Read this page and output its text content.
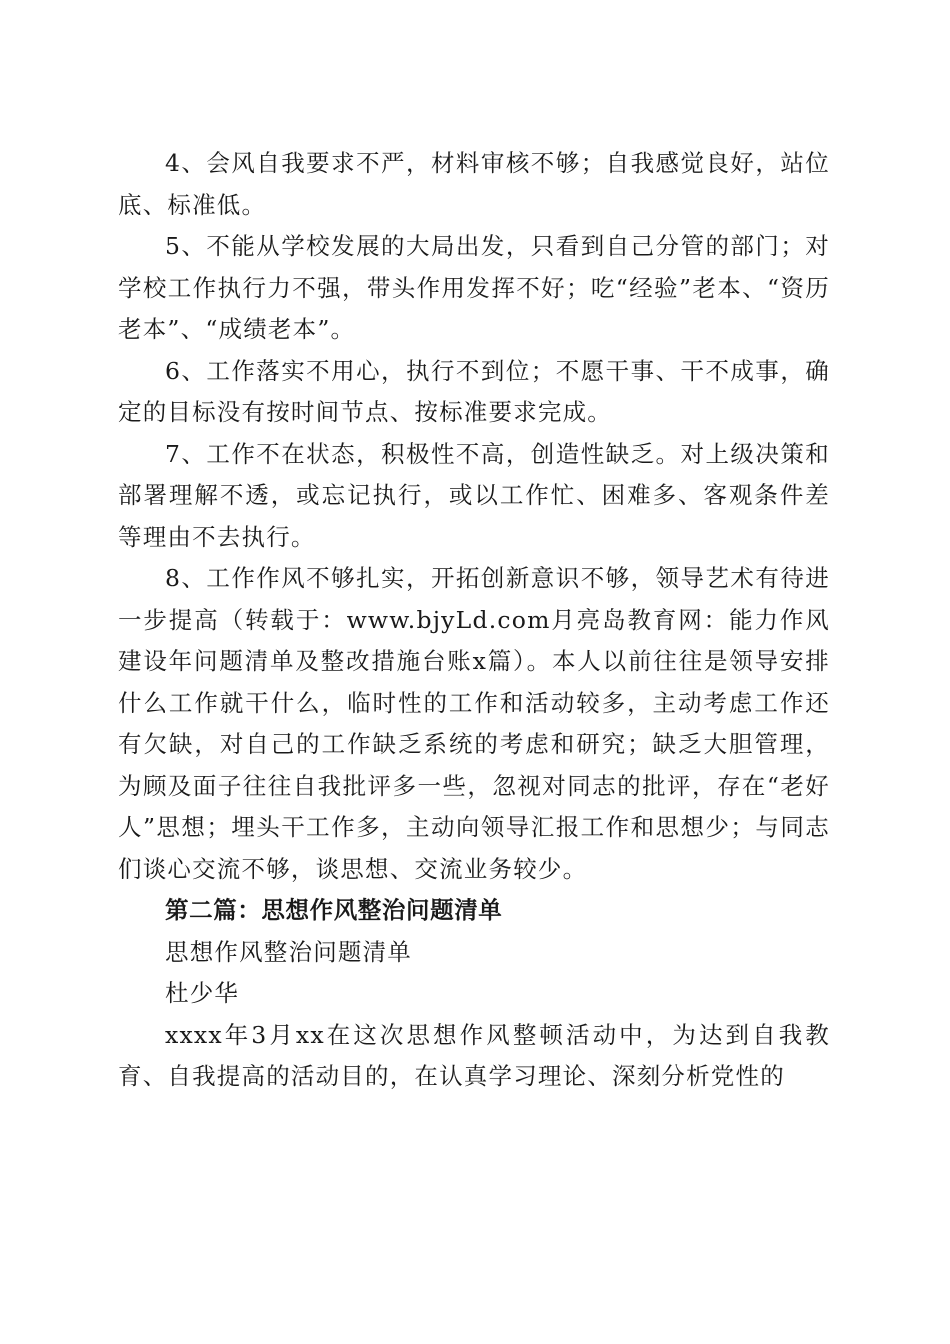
4、会风自我要求不严，材料审核不够；自我感觉良好，站位底、标准低。

5、不能从学校发展的大局出发，只看到自己分管的部门；对学校工作执行力不强，带头作用发挥不好；吃“经验”老本、“资历老本”、“成绩老本”。

6、工作落实不用心，执行不到位；不愿干事、干不成事，确定的目标没有按时间节点、按标准要求完成。

7、工作不在状态，积极性不高，创造性缺乏。对上级决策和部署理解不透，或忘记执行，或以工作忙、困难多、客观条件差等理由不去执行。

8、工作作风不够扎实，开拓创新意识不够，领导艺术有待进一步提高（转载于：www.bjyLd.com月亮岛教育网：能力作风建设年问题清单及整改措施台账x篇）。本人以前往往是领导安排什么工作就干什么，临时性的工作和活动较多，主动考虑工作还有欠缺，对自己的工作缺乏系统的考虑和研究；缺乏大胆管理，为顾及面子往往自我批评多一些，忽视对同志的批评，存在“老好人”思想；埋头干工作多，主动向领导汇报工作和思想少；与同志们谈心交流不够，谈思想、交流业务较少。

第二篇：思想作风整治问题清单

思想作风整治问题清单

杜少华

xxxx年3月xx在这次思想作风整顿活动中，为达到自我教育、自我提高的活动目的，在认真学习理论、深刻分析党性的
